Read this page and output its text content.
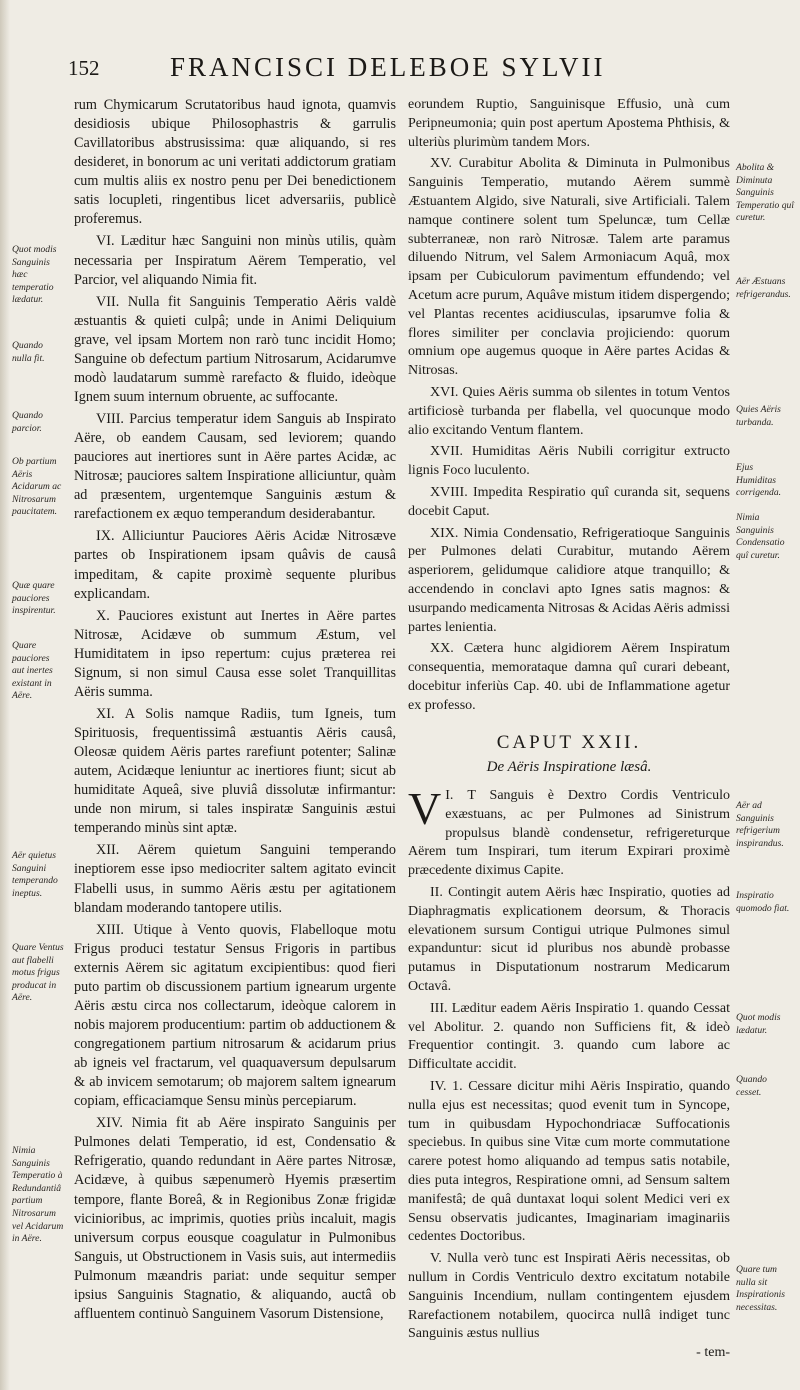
152	FRANCISCI DELEBOE SYLVII
Quot modis Sanguinis hæc temperatio lædatur.
Quando nulla fit.
Quando parcior.
Ob partium Aëris Acidarum ac Nitrosarum paucitatem.
Quæ quare pauciores inspirentur.
Quare pauciores aut inertes existant in Aëre.
Aër quietus Sanguini temperando ineptus.
Quare Ventus aut flabelli motus frigus producat in Aëre.
Nimia Sanguinis Temperatio à Redundantiâ partium Nitrosarum vel Acidarum in Aëre.
Abolita & Diminuta Sanguinis Temperatio quî curetur.
Aër Æstuans refrigerandus.
Quies Aëris turbanda.
Ejus Humiditas corrigenda.
Nimia Sanguinis Condensatio quî curetur.
Aër ad Sanguinis refrigerium inspirandus.
Inspiratio quomodo fiat.
Quot modis lædatur.
Quando cesset.
Quare tum nulla sit Inspirationis necessitas.

rum Chymicarum Scrutatoribus haud ignota, quamvis desidiosis ubique Philosophastris & garrulis Cavillatoribus abstrusissima: quæ aliquando, si res desideret, in bonorum ac uni veritati addictorum gratiam cum multis aliis ex nostro penu per Dei benedictionem satis locupleti, ringentibus licet adversariis, publicè proferemus.

VI. Læditur hæc Sanguini non minùs utilis, quàm necessaria per Inspiratum Aërem Temperatio, vel Parcior, vel aliquando Nimia fit.

VII. Nulla fit Sanguinis Temperatio Aëris valdè æstuantis & quieti culpâ; unde in Animi Deliquium grave, vel ipsam Mortem non rarò tunc incidit Homo; Sanguine ob defectum partium Nitrosarum, Acidarumve modò laudatarum summè rarefacto & fluido, ideòque Ignem suum internum obruente, ac suffocante.

VIII. Parcius temperatur idem Sanguis ab Inspirato Aëre, ob eandem Causam, sed leviorem; quando pauciores aut inertiores sunt in Aëre partes Acidæ, ac Nitrosæ; pauciores saltem Inspiratione alliciuntur, quàm ad præsentem, urgentemque Sanguinis æstum & rarefactionem ex æquo temperandum desiderabantur.

IX. Alliciuntur Pauciores Aëris Acidæ Nitrosæve partes ob Inspirationem ipsam quâvis de causâ impeditam, & capite proximè sequente pluribus explicandam.

X. Pauciores existunt aut Inertes in Aëre partes Nitrosæ, Acidæve ob summum Æstum, vel Humiditatem in ipso repertum: cujus præterea rei Signum, si non simul Causa esse solet Tranquillitas Aëris summa.

XI. A Solis namque Radiis, tum Igneis, tum Spirituosis, frequentissimâ æstuantis Aëris causâ, Oleosæ quidem Aëris partes rarefiunt potenter; Salinæ autem, Acidæque leniuntur ac inertiores fiunt; sicut ab humiditate Aqueâ, sive pluviâ dissolutæ infirmantur: unde non mirum, si tales inspiratæ Sanguinis æstui temperando minùs sint aptæ.

XII. Aërem quietum Sanguini temperando ineptiorem esse ipso mediocriter saltem agitato evincit Flabelli usus, in summo Aëris æstu per agitationem blandam moderando tantopere utilis.

XIII. Utique à Vento quovis, Flabelloque motu Frigus produci testatur Sensus Frigoris in partibus externis Aërem sic agitatum excipientibus: quod fieri puto partim ob discussionem partium ignearum urgente Aëris æstu circa nos collectarum, ideòque calorem in nobis majorem producentium: partim ob adductionem & congregationem partium nitrosarum & acidarum prius ab igneis vel fractarum, vel quaquaversum depulsarum & ab invicem semotarum; ob majorem saltem ignearum copiam, efficaciamque Sensu minùs percepiarum.

XIV. Nimia fit ab Aëre inspirato Sanguinis per Pulmones delati Temperatio, id est, Condensatio & Refrigeratio, quando redundant in Aëre partes Nitrosæ, Acidæve, à quibus sæpenumerò Hyemis præsertim tempore, flante Boreâ, & in Regionibus Zonæ frigidæ vicinioribus, ac imprimis, quoties priùs incaluit, magis universum corpus eousque coagulatur in Pulmonibus Sanguis, ut Obstructionem in Vasis suis, aut intermediis Pulmonum mæandris pariat: unde sequitur semper ipsius Sanguinis Stagnatio, & aliquando, auctâ ob affluentem continuò Sanguinem Vasorum Distensione,

eorundem Ruptio, Sanguinisque Effusio, unà cum Peripneumonia; quin post apertum Apostema Phthisis, & ulteriùs plurimùm tandem Mors.

XV. Curabitur Abolita & Diminuta in Pulmonibus Sanguinis Temperatio, mutando Aërem summè Æstuantem Algido, sive Naturali, sive Artificiali. Talem namque continere solent tum Speluncæ, tum Cellæ subterraneæ, non rarò Nitrosæ. Talem arte paramus diluendo Nitrum, vel Salem Armoniacum Aquâ, mox ipsam per Cubiculorum pavimentum effundendo; vel Acetum acre purum, Aquâve mistum itidem dispergendo; vel Plantas recentes acidiusculas, ipsarumve folia & flores similiter per conclavia projiciendo: quorum omnium ope augemus quoque in Aëre partes Acidas & Nitrosas.

XVI. Quies Aëris summa ob silentes in totum Ventos artificiosè turbanda per flabella, vel quocunque modo alio excitando Ventum flantem.

XVII. Humiditas Aëris Nubili corrigitur extructo lignis Foco luculento.

XVIII. Impedita Respiratio quî curanda sit, sequens docebit Caput.

XIX. Nimia Condensatio, Refrigeratioque Sanguinis per Pulmones delati Curabitur, mutando Aërem asperiorem, gelidumque calidiore atque tranquillo; & accendendo in conclavi apto Ignes satis magnos: & usurpando medicamenta Nitrosas & Acidas Aëris admissi partes lenientia.

XX. Cætera hunc algidiorem Aërem Inspiratum consequentia, memorataque damna quî curari debeant, docebitur inferiùs Cap. 40. ubi de Inflammatione agetur ex professo.

CAPUT XXII.
De Aëris Inspiratione læsâ.

I.
V T Sanguis è Dextro Cordis Ventriculo exæstuans, ac per Pulmones ad Sinistrum propulsus blandè condensetur, refrigereturque Aërem tum Inspirari, tum iterum Expirari proximè præcedente diximus Capite.

II. Contingit autem Aëris hæc Inspiratio, quoties ad Diaphragmatis explicationem deorsum, & Thoracis elevationem sursum Contigui utrique Pulmones simul expanduntur: sicut id pluribus nos abundè probasse putamus in Disputationum nostrarum Medicarum Octavâ.

III. Læditur eadem Aëris Inspiratio 1. quando Cessat vel Abolitur. 2. quando non Sufficiens fit, & ideò Frequentior contingit. 3. quando cum labore ac Difficultate accidit.

IV. 1. Cessare dicitur mihi Aëris Inspiratio, quando nulla ejus est necessitas; quod evenit tum in Syncope, tum in quibusdam Hypochondriacæ Suffocationis speciebus. In quibus sine Vitæ cum morte commutatione carere potest homo aliquando ad tempus satis notabile, dies puta integros, Respiratione omni, ad Sensum saltem manifestâ; de quâ duntaxat loqui solent Medici veri ex Sensu observatis judicantes, Imaginariam imaginariis cedentes Doctoribus.

V. Nulla verò tunc est Inspirati Aëris necessitas, ob nullum in Cordis Ventriculo dextro excitatum notabile Sanguinis Incendium, nullam contingentem ejusdem Rarefactionem notabilem, quocirca nullâ indiget tunc Sanguinis æstus nullius

- tem-
